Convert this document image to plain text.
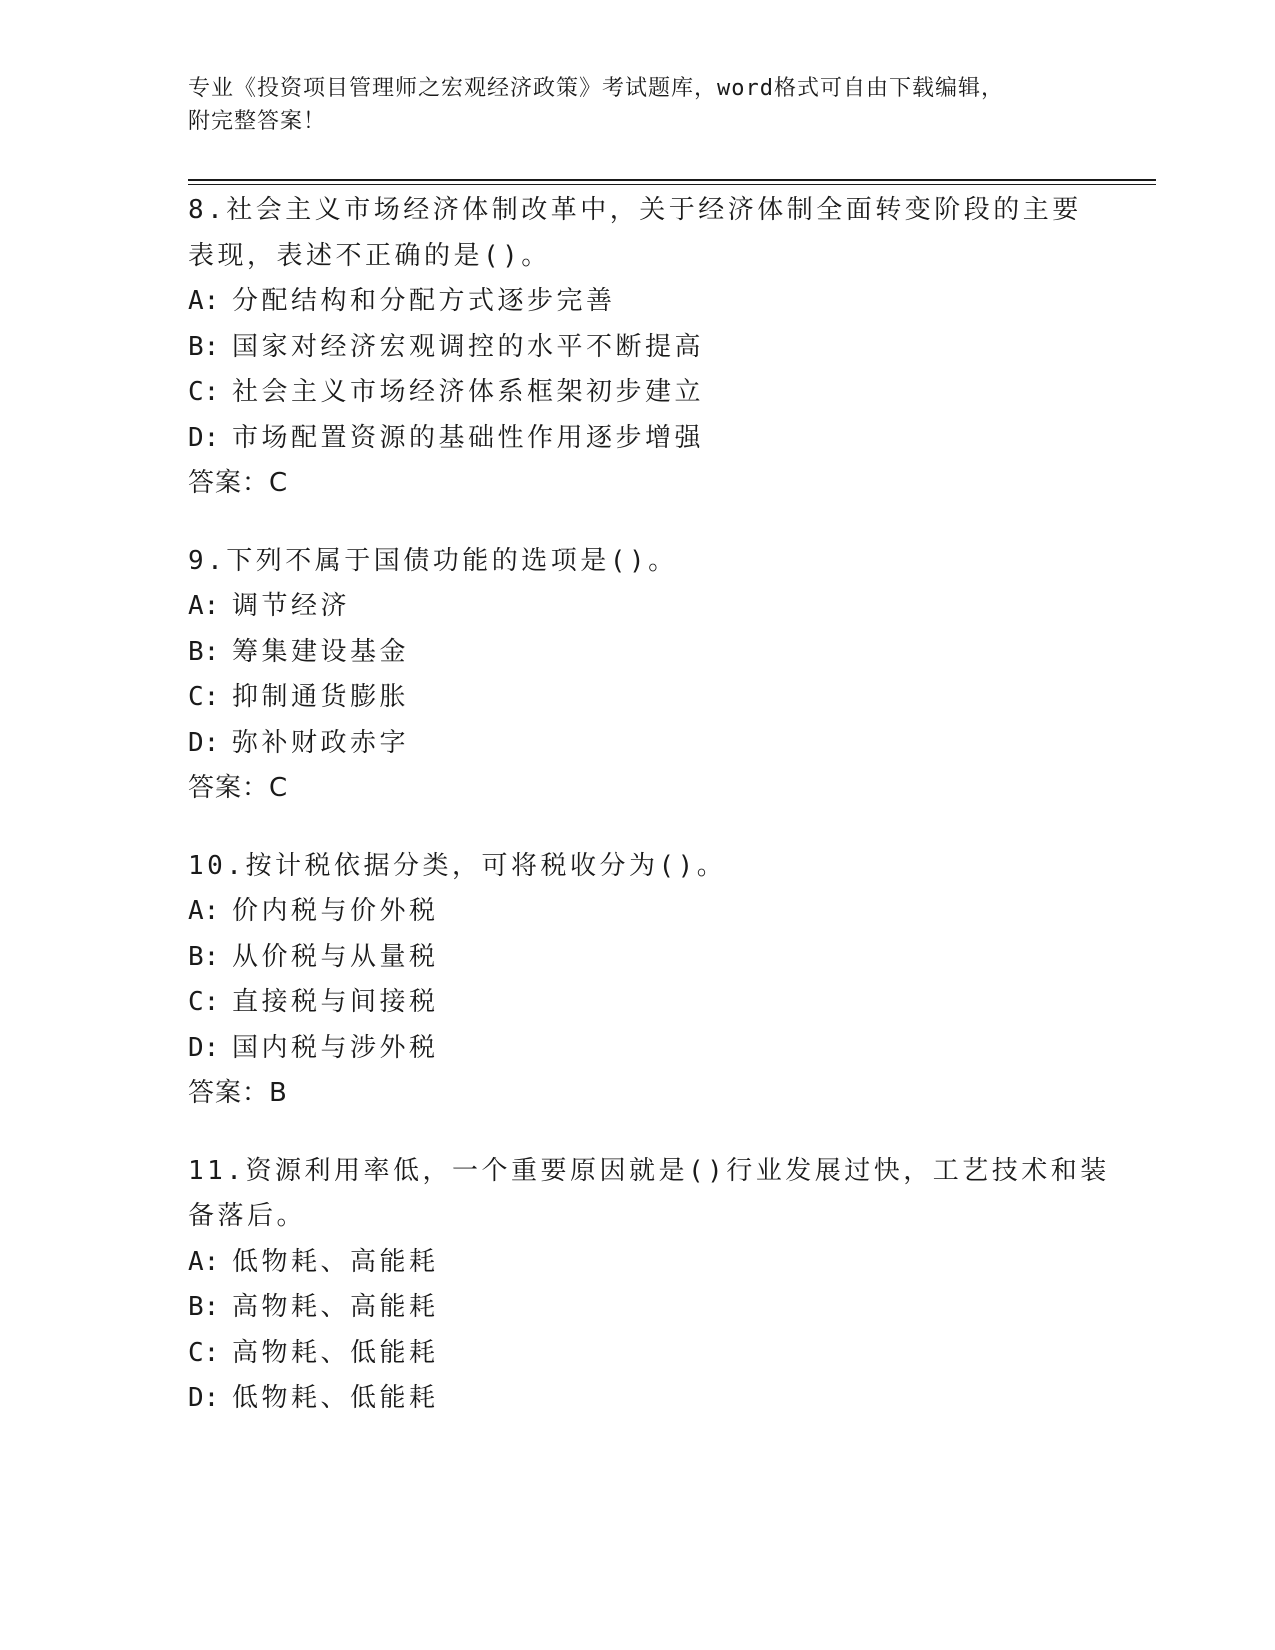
专业《投资项目管理师之宏观经济政策》考试题库，word格式可自由下载编辑，
附完整答案！
8.社会主义市场经济体制改革中，关于经济体制全面转变阶段的主要
表现，表述不正确的是()。
A: 分配结构和分配方式逐步完善
B: 国家对经济宏观调控的水平不断提高
C: 社会主义市场经济体系框架初步建立
D: 市场配置资源的基础性作用逐步增强
答案：C
9.下列不属于国债功能的选项是()。
A: 调节经济
B: 筹集建设基金
C: 抑制通货膨胀
D: 弥补财政赤字
答案：C
10.按计税依据分类，可将税收分为()。
A: 价内税与价外税
B: 从价税与从量税
C: 直接税与间接税
D: 国内税与涉外税
答案：B
11.资源利用率低，一个重要原因就是()行业发展过快，工艺技术和装
备落后。
A: 低物耗、高能耗
B: 高物耗、高能耗
C: 高物耗、低能耗
D: 低物耗、低能耗
